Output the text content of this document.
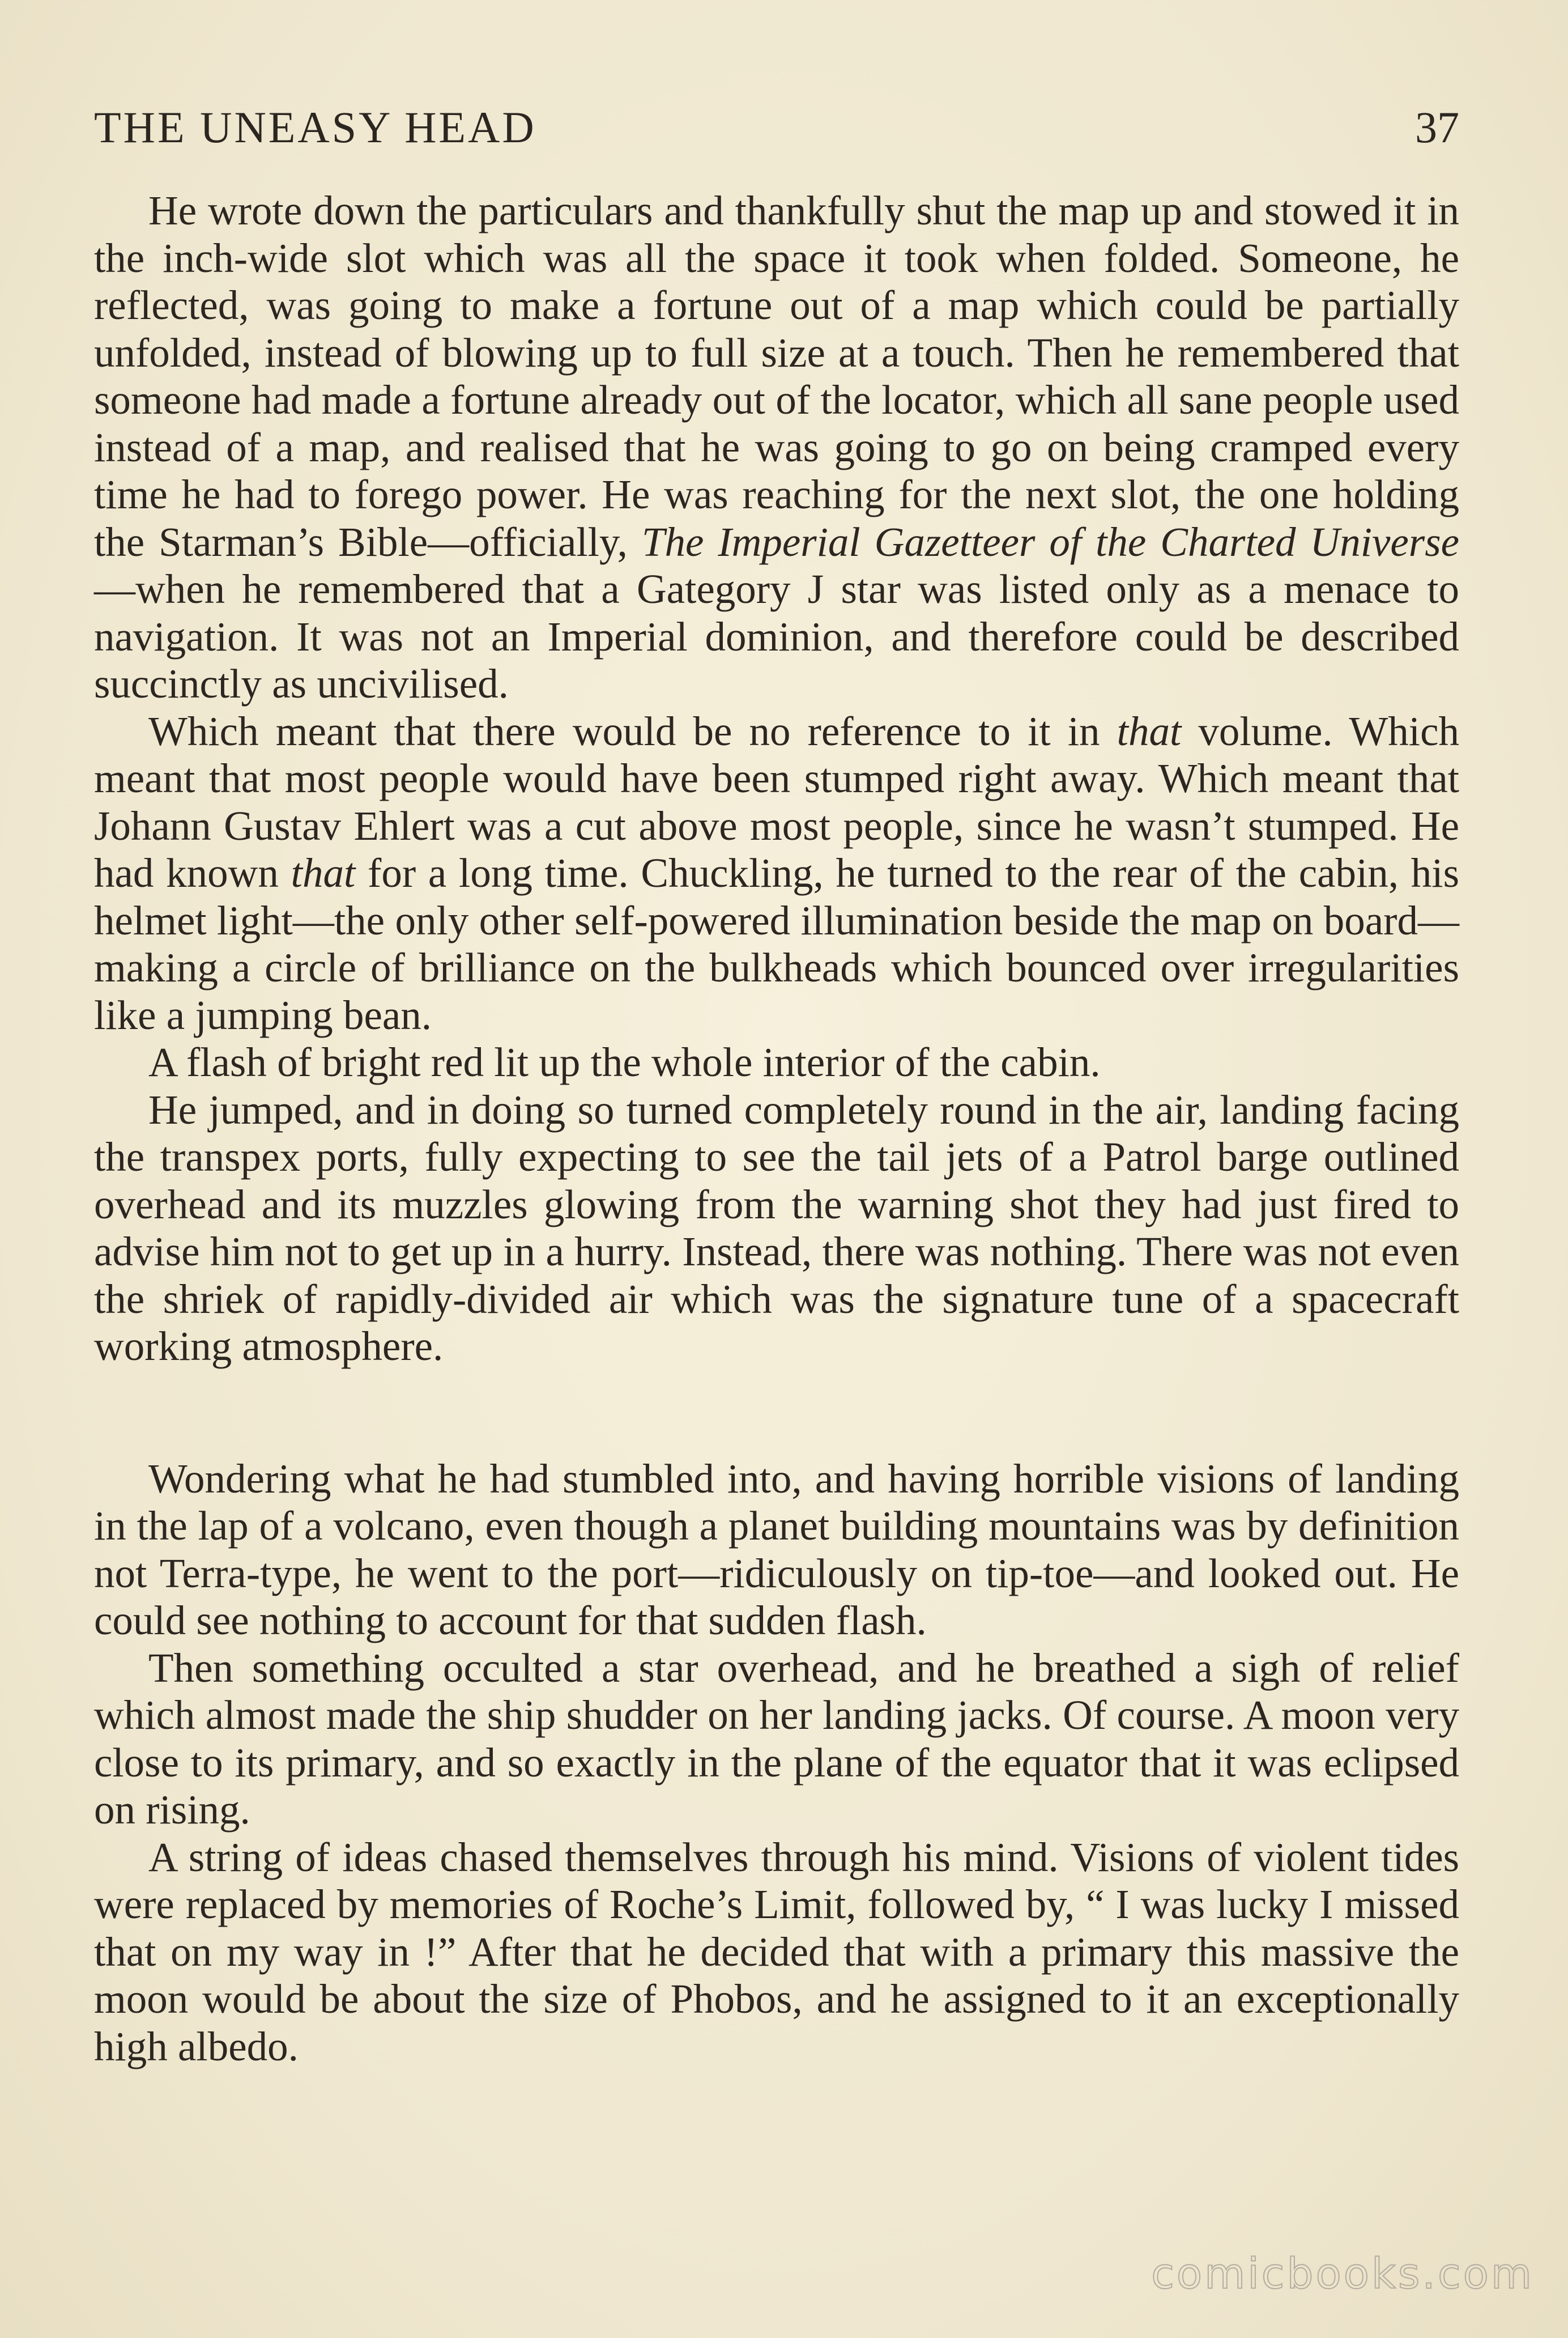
THE UNEASY HEAD	37

He wrote down the particulars and thankfully shut the map up and stowed it in the inch-wide slot which was all the space it took when folded. Someone, he reflected, was going to make a fortune out of a map which could be partially unfolded, instead of blowing up to full size at a touch. Then he remembered that someone had made a fortune already out of the locator, which all sane people used instead of a map, and realised that he was going to go on being cramped every time he had to forego power. He was reaching for the next slot, the one holding the Starman’s Bible—officially, The Imperial Gazetteer of the Charted Universe—when he remembered that a Gategory J star was listed only as a menace to navigation. It was not an Imperial dominion, and therefore could be described succinctly as uncivilised.

Which meant that there would be no reference to it in that volume. Which meant that most people would have been stumped right away. Which meant that Johann Gustav Ehlert was a cut above most people, since he wasn’t stumped. He had known that for a long time. Chuckling, he turned to the rear of the cabin, his helmet light—the only other self-powered illumination beside the map on board—making a circle of brilliance on the bulkheads which bounced over irregularities like a jumping bean.

A flash of bright red lit up the whole interior of the cabin.

He jumped, and in doing so turned completely round in the air, landing facing the transpex ports, fully expecting to see the tail jets of a Patrol barge outlined overhead and its muzzles glowing from the warning shot they had just fired to advise him not to get up in a hurry. Instead, there was nothing. There was not even the shriek of rapidly-divided air which was the signature tune of a spacecraft working atmosphere.

Wondering what he had stumbled into, and having horrible visions of landing in the lap of a volcano, even though a planet building mountains was by definition not Terra-type, he went to the port—ridiculously on tip-toe—and looked out. He could see nothing to account for that sudden flash.

Then something occulted a star overhead, and he breathed a sigh of relief which almost made the ship shudder on her landing jacks. Of course. A moon very close to its primary, and so exactly in the plane of the equator that it was eclipsed on rising.

A string of ideas chased themselves through his mind. Visions of violent tides were replaced by memories of Roche’s Limit, followed by, “ I was lucky I missed that on my way in !” After that he decided that with a primary this massive the moon would be about the size of Phobos, and he assigned to it an exceptionally high albedo.

comicbooks.com
